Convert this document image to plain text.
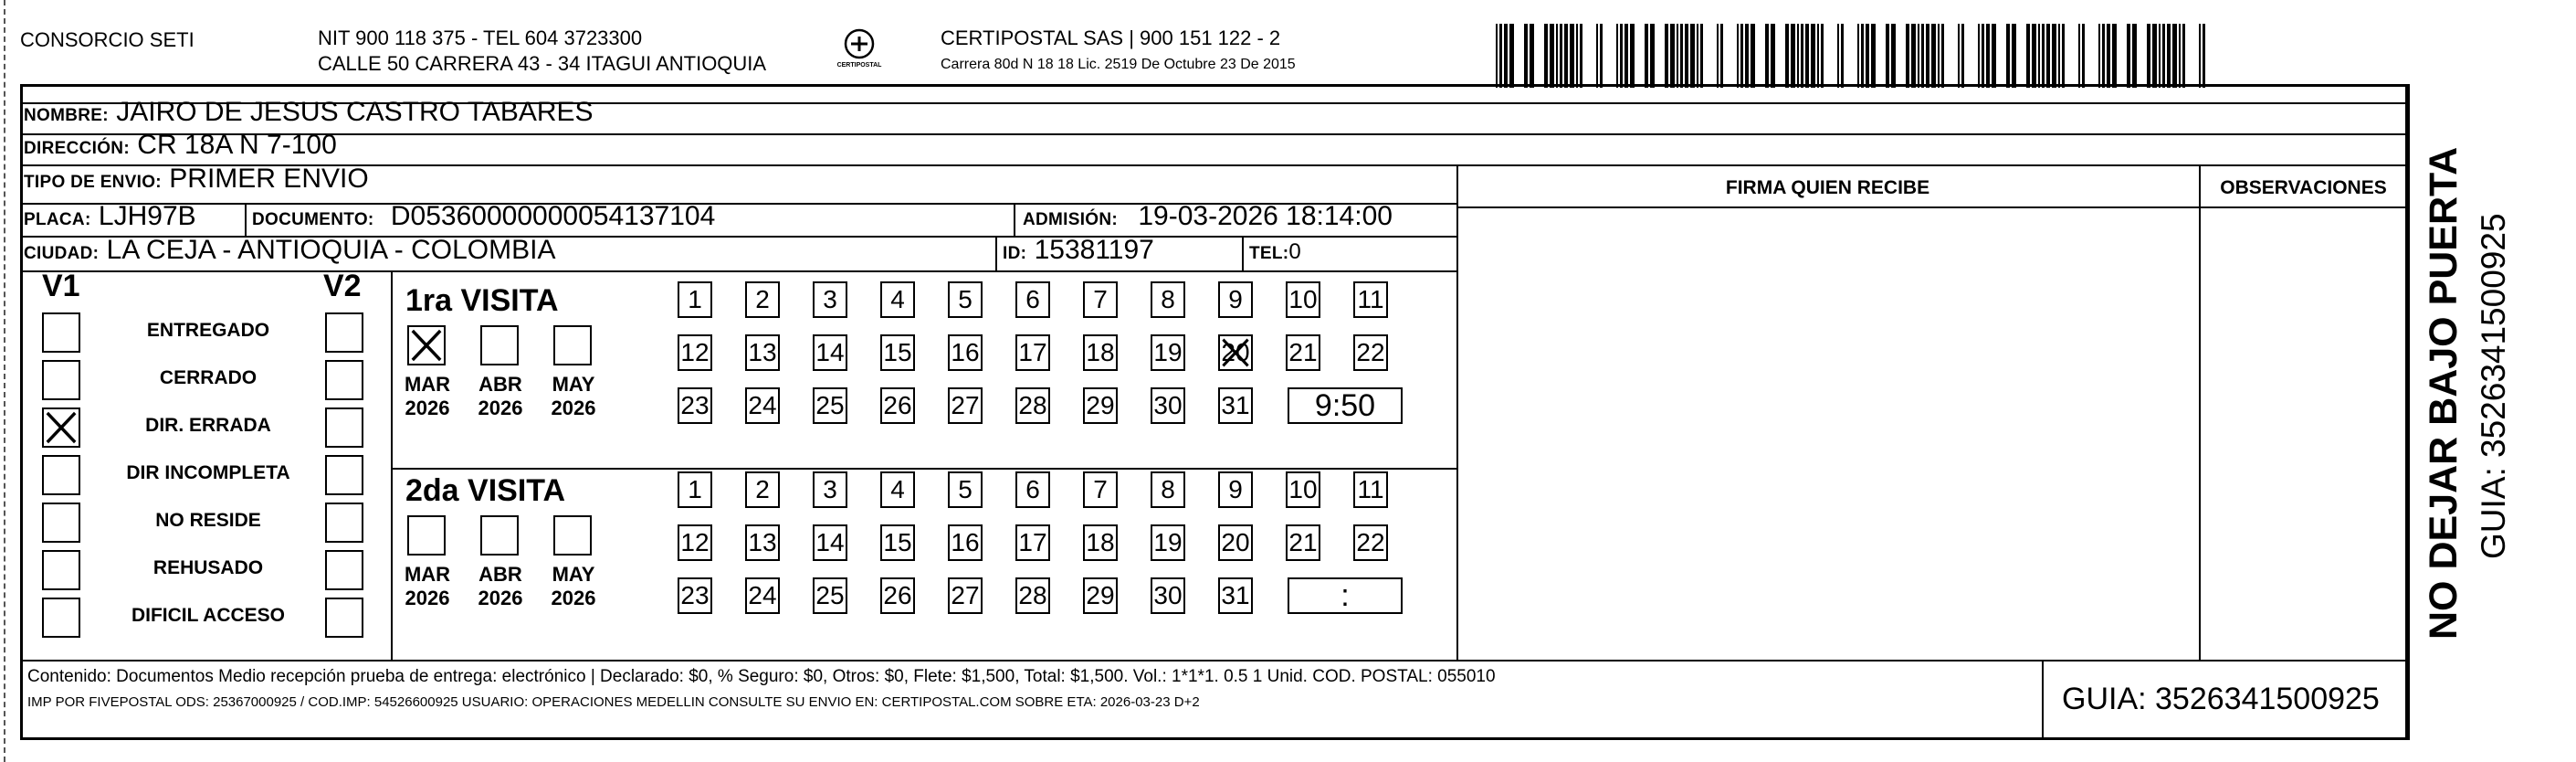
CONSORCIO SETI	NIT 900 118 375 - TEL 604 3723300
CALLE 50 CARRERA 43 - 34 ITAGUI ANTIOQUIA	CERTIPOSTAL
CERTIPOSTAL SAS | 900 151 122 - 2
Carrera 80d N 18 18 Lic. 2519 De Octubre 23 De 2015
NOMBRE: JAIRO DE JESUS CASTRO TABARES
DIRECCIÓN: CR 18A N 7-100
TIPO DE ENVIO: PRIMER ENVIO
PLACA: LJH97B	DOCUMENTO: D05360000000054137104	ADMISIÓN: 19-03-2026 18:14:00
CIUDAD: LA CEJA - ANTIOQUIA - COLOMBIA	ID: 15381197	TEL:0
FIRMA QUIEN RECIBE	OBSERVACIONES
V1	V2
ENTREGADO
CERRADO
DIR. ERRADA
DIR INCOMPLETA
NO RESIDE
REHUSADO
DIFICIL ACCESO
1ra VISITA
MAR
2026
ABR
2026
MAY
2026
1	2	3	4	5	6	7	8	9	10 11
12 13 14 15 16 17 18 19 20 21 22
23 24 25 26 27 28 29 30 31	9:50
2da VISITA
MAR
2026
ABR
2026
MAY
2026
1	2	3	4	5	6	7	8	9	10 11
12 13 14 15 16 17 18 19 20 21 22
23 24 25 26 27 28 29 30 31	:
Contenido: Documentos Medio recepción prueba de entrega: electrónico | Declarado: $0, % Seguro: $0, Otros: $0, Flete: $1,500, Total: $1,500. Vol.: 1*1*1. 0.5 1 Unid. COD. POSTAL: 055010
IMP POR FIVEPOSTAL ODS: 25367000925 / COD.IMP: 54526600925 USUARIO: OPERACIONES MEDELLIN CONSULTE SU ENVIO EN: CERTIPOSTAL.COM SOBRE ETA: 2026-03-23 D+2	GUIA: 3526341500925
NO DEJAR BAJO PUERTA GUIA: 3526341500925
